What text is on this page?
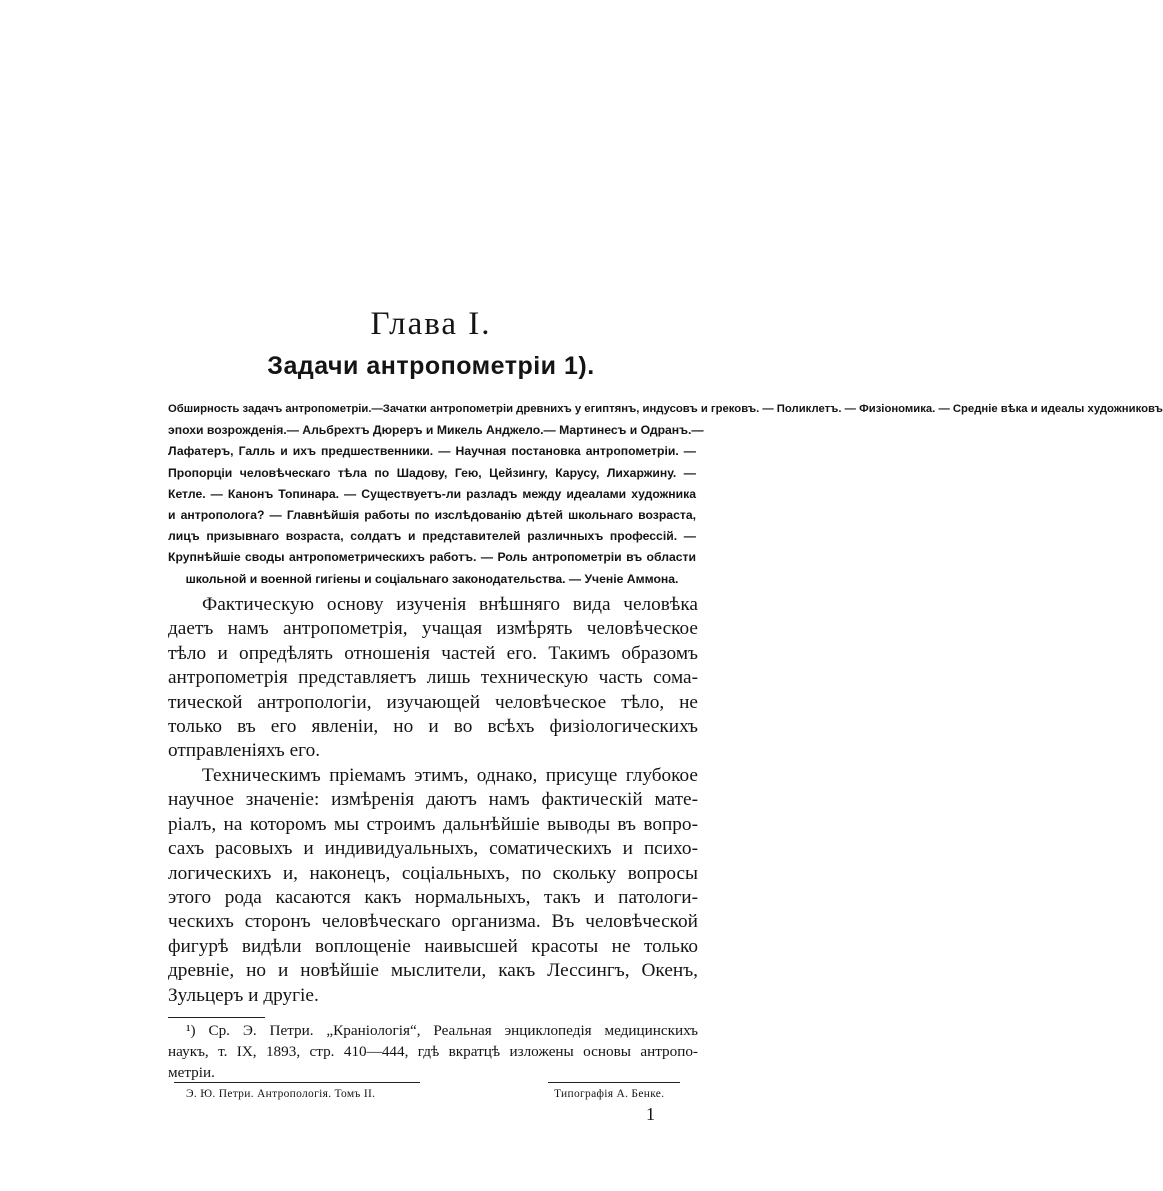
Глава I.
Задачи антропометріи 1).
Обширность задачъ антропометріи.—Зачатки антропометріи древнихъ у египтянъ, индусовъ и грековъ. — Поликлетъ. — Физіономика. — Средніе вѣка и идеалы художниковъ
эпохи возрожденія.— Альбрехтъ Дюреръ и Микель Анджело.— Мартинесъ и Одранъ.—
Лафатеръ, Галль и ихъ предшественники. — Научная постановка антропометріи. —
Пропорціи человѣческаго тѣла по Шадову, Гею, Цейзингу, Карусу, Лихаржину. —
Кетле. — Канонъ Топинара. — Существуетъ-ли разладъ между идеалами художника
и антрополога? — Главнѣйшія работы по изслѣдованію дѣтей школьнаго возраста,
лицъ призывнаго возраста, солдатъ и представителей различныхъ профессій. —
Крупнѣйшіе своды антропометрическихъ работъ. — Роль антропометріи въ области
школьной и военной гигіены и соціальнаго законодательства. — Ученіе Аммона.
Фактическую основу изученія внѣшняго вида человѣка
даетъ намъ антропометрія, учащая измѣрять человѣческое
тѣло и опредѣлять отношенія частей его. Такимъ образомъ
антропометрія представляетъ лишь техническую часть сома-
тической антропологіи, изучающей человѣческое тѣло, не
только въ его явленіи, но и во всѣхъ физіологическихъ
отправленіяхъ его.
Техническимъ пріемамъ этимъ, однако, присуще глубокое
научное значеніе: измѣренія даютъ намъ фактическій мате-
ріалъ, на которомъ мы строимъ дальнѣйшіе выводы въ вопро-
сахъ расовыхъ и индивидуальныхъ, соматическихъ и психо-
логическихъ и, наконецъ, соціальныхъ, по скольку вопросы
этого рода касаются какъ нормальныхъ, такъ и патологи-
ческихъ сторонъ человѣческаго организма. Въ человѣческой
фигурѣ видѣли воплощеніе наивысшей красоты не только
древніе, но и новѣйшіе мыслители, какъ Лессингъ, Окенъ,
Зульцеръ и другіе.
¹) Ср. Э. Петри. „Краніологія“, Реальная энциклопедія медицинскихъ
наукъ, т. IX, 1893, стр. 410—444, гдѣ вкратцѣ изложены основы антропо-
метріи.
Э. Ю. Петри. Антропологія. Томъ II.	Типографія А. Бенке.
1
